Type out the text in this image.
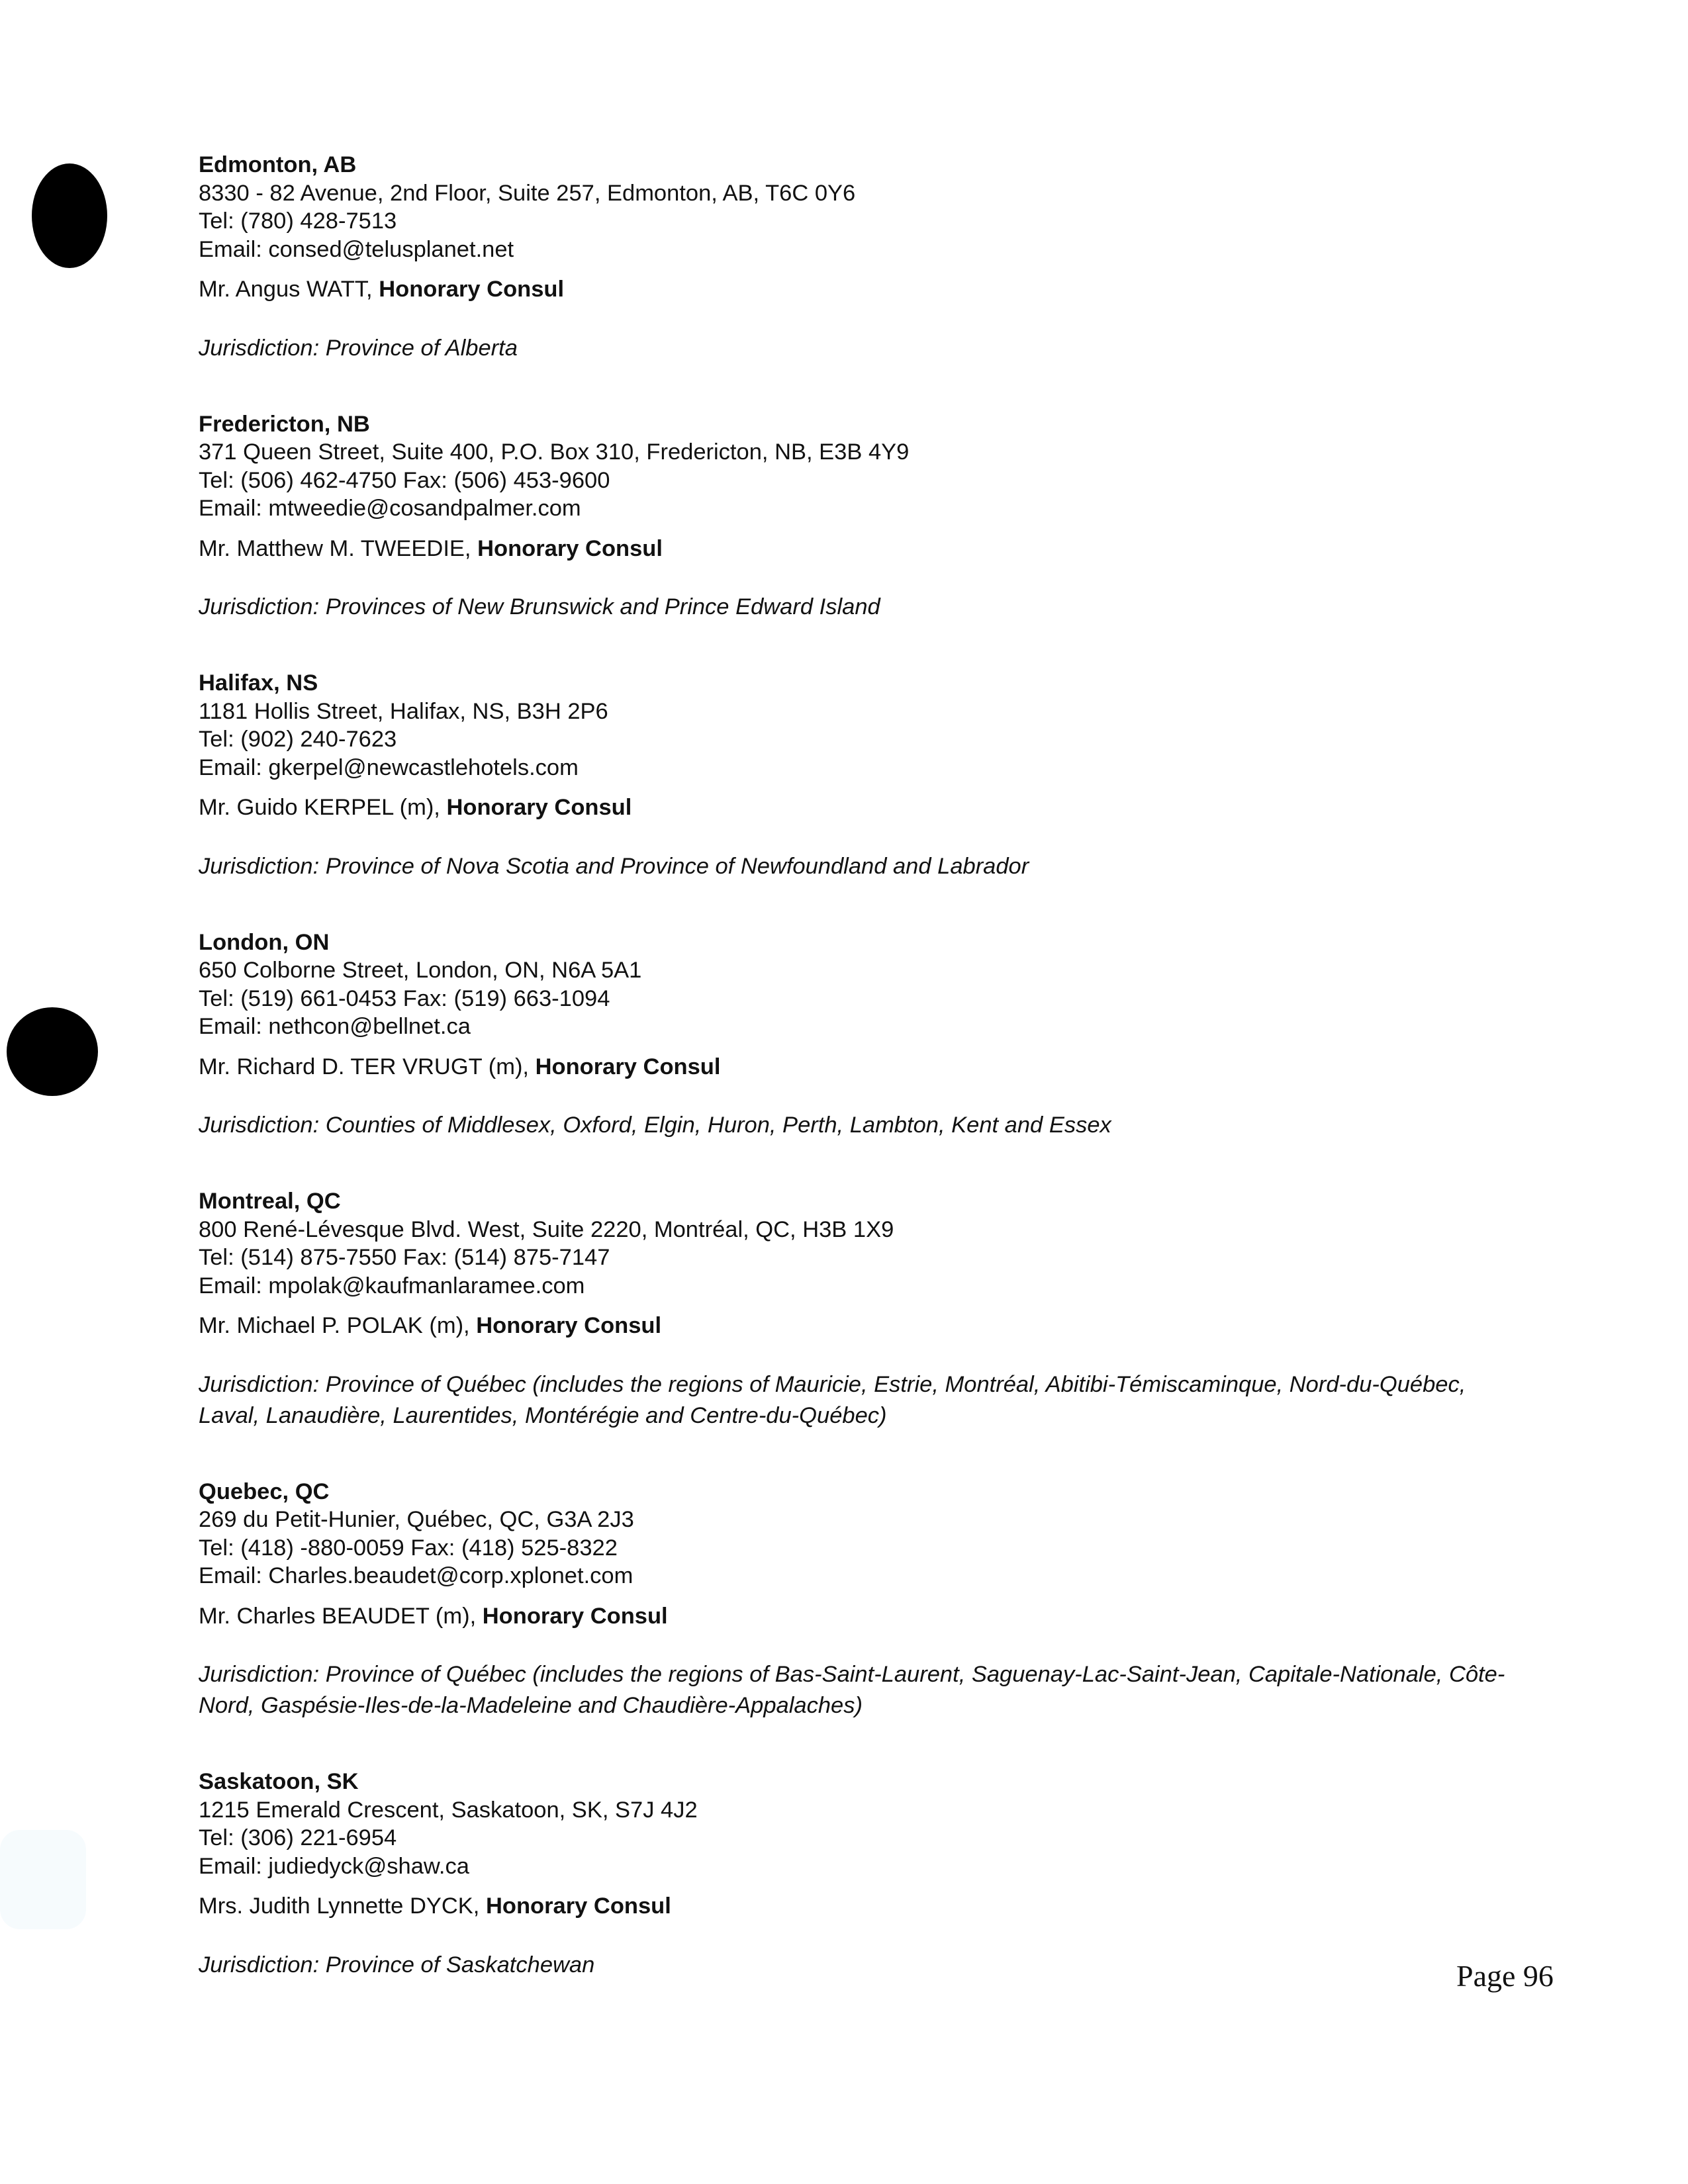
Edmonton, AB
8330 - 82 Avenue, 2nd Floor, Suite 257, Edmonton, AB, T6C 0Y6
Tel: (780) 428-7513
Email: consed@telusplanet.net
Mr. Angus WATT, Honorary Consul
Jurisdiction: Province of Alberta
Fredericton, NB
371 Queen Street, Suite 400, P.O. Box 310, Fredericton, NB, E3B 4Y9
Tel: (506) 462-4750 Fax: (506) 453-9600
Email: mtweedie@cosandpalmer.com
Mr. Matthew M. TWEEDIE, Honorary Consul
Jurisdiction: Provinces of New Brunswick and Prince Edward Island
Halifax, NS
1181 Hollis Street, Halifax, NS, B3H 2P6
Tel: (902) 240-7623
Email: gkerpel@newcastlehotels.com
Mr. Guido KERPEL (m), Honorary Consul
Jurisdiction: Province of Nova Scotia and Province of Newfoundland and Labrador
London, ON
650 Colborne Street, London, ON, N6A 5A1
Tel: (519) 661-0453 Fax: (519) 663-1094
Email: nethcon@bellnet.ca
Mr. Richard D. TER VRUGT (m), Honorary Consul
Jurisdiction: Counties of Middlesex, Oxford, Elgin, Huron, Perth, Lambton, Kent and Essex
Montreal, QC
800 René-Lévesque Blvd. West, Suite 2220, Montréal, QC, H3B 1X9
Tel: (514) 875-7550 Fax: (514) 875-7147
Email: mpolak@kaufmanlaramee.com
Mr. Michael P. POLAK (m), Honorary Consul
Jurisdiction: Province of Québec (includes the regions of Mauricie, Estrie, Montréal, Abitibi-Témiscaminque, Nord-du-Québec, Laval, Lanaudière, Laurentides, Montérégie and Centre-du-Québec)
Quebec, QC
269 du Petit-Hunier, Québec, QC, G3A 2J3
Tel: (418) -880-0059 Fax: (418) 525-8322
Email: Charles.beaudet@corp.xplonet.com
Mr. Charles BEAUDET (m), Honorary Consul
Jurisdiction: Province of Québec (includes the regions of Bas-Saint-Laurent, Saguenay-Lac-Saint-Jean, Capitale-Nationale, Côte-Nord, Gaspésie-Iles-de-la-Madeleine and Chaudière-Appalaches)
Saskatoon, SK
1215 Emerald Crescent, Saskatoon, SK, S7J 4J2
Tel: (306) 221-6954
Email: judiedyck@shaw.ca
Mrs. Judith Lynnette DYCK, Honorary Consul
Jurisdiction: Province of Saskatchewan	Page 96
